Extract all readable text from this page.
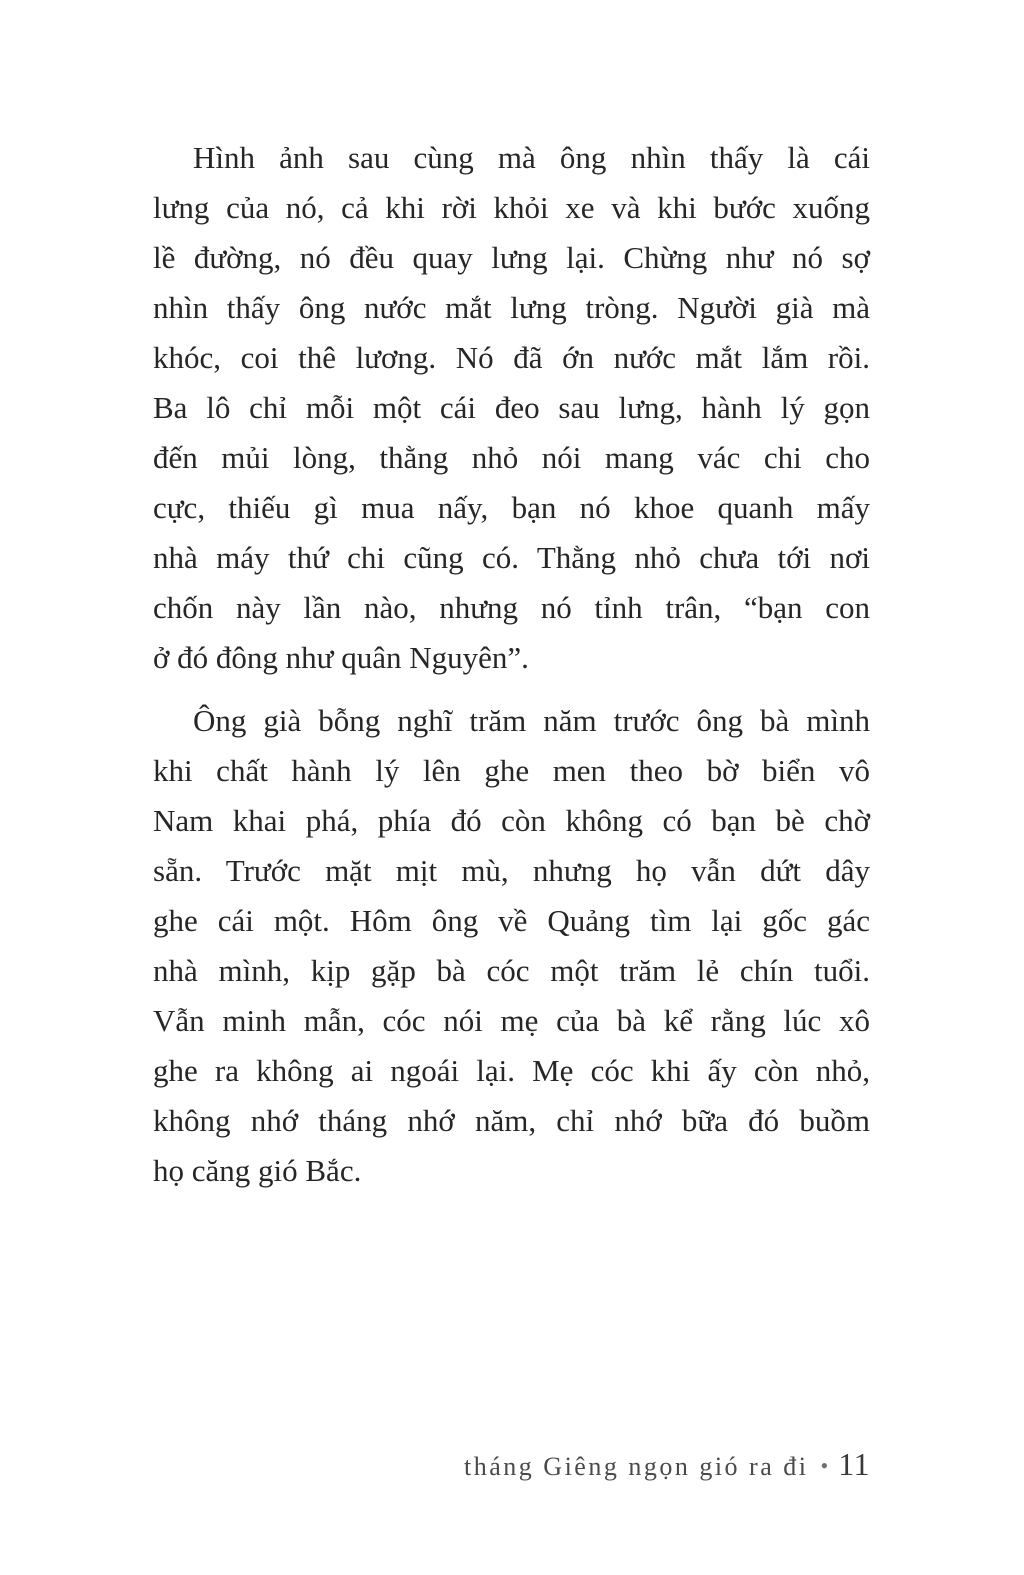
Hình ảnh sau cùng mà ông nhìn thấy là cái
lưng của nó, cả khi rời khỏi xe và khi bước xuống
lề đường, nó đều quay lưng lại. Chừng như nó sợ
nhìn thấy ông nước mắt lưng tròng. Người già mà
khóc, coi thê lương. Nó đã ớn nước mắt lắm rồi.
Ba lô chỉ mỗi một cái đeo sau lưng, hành lý gọn
đến mủi lòng, thằng nhỏ nói mang vác chi cho
cực, thiếu gì mua nấy, bạn nó khoe quanh mấy
nhà máy thứ chi cũng có. Thằng nhỏ chưa tới nơi
chốn này lần nào, nhưng nó tỉnh trân, “bạn con
ở đó đông như quân Nguyên”.
Ông già bỗng nghĩ trăm năm trước ông bà mình
khi chất hành lý lên ghe men theo bờ biển vô
Nam khai phá, phía đó còn không có bạn bè chờ
sẵn. Trước mặt mịt mù, nhưng họ vẫn dứt dây
ghe cái một. Hôm ông về Quảng tìm lại gốc gác
nhà mình, kịp gặp bà cóc một trăm lẻ chín tuổi.
Vẫn minh mẫn, cóc nói mẹ của bà kể rằng lúc xô
ghe ra không ai ngoái lại. Mẹ cóc khi ấy còn nhỏ,
không nhớ tháng nhớ năm, chỉ nhớ bữa đó buồm
họ căng gió Bắc.
tháng Giêng ngọn gió ra đi • 11
